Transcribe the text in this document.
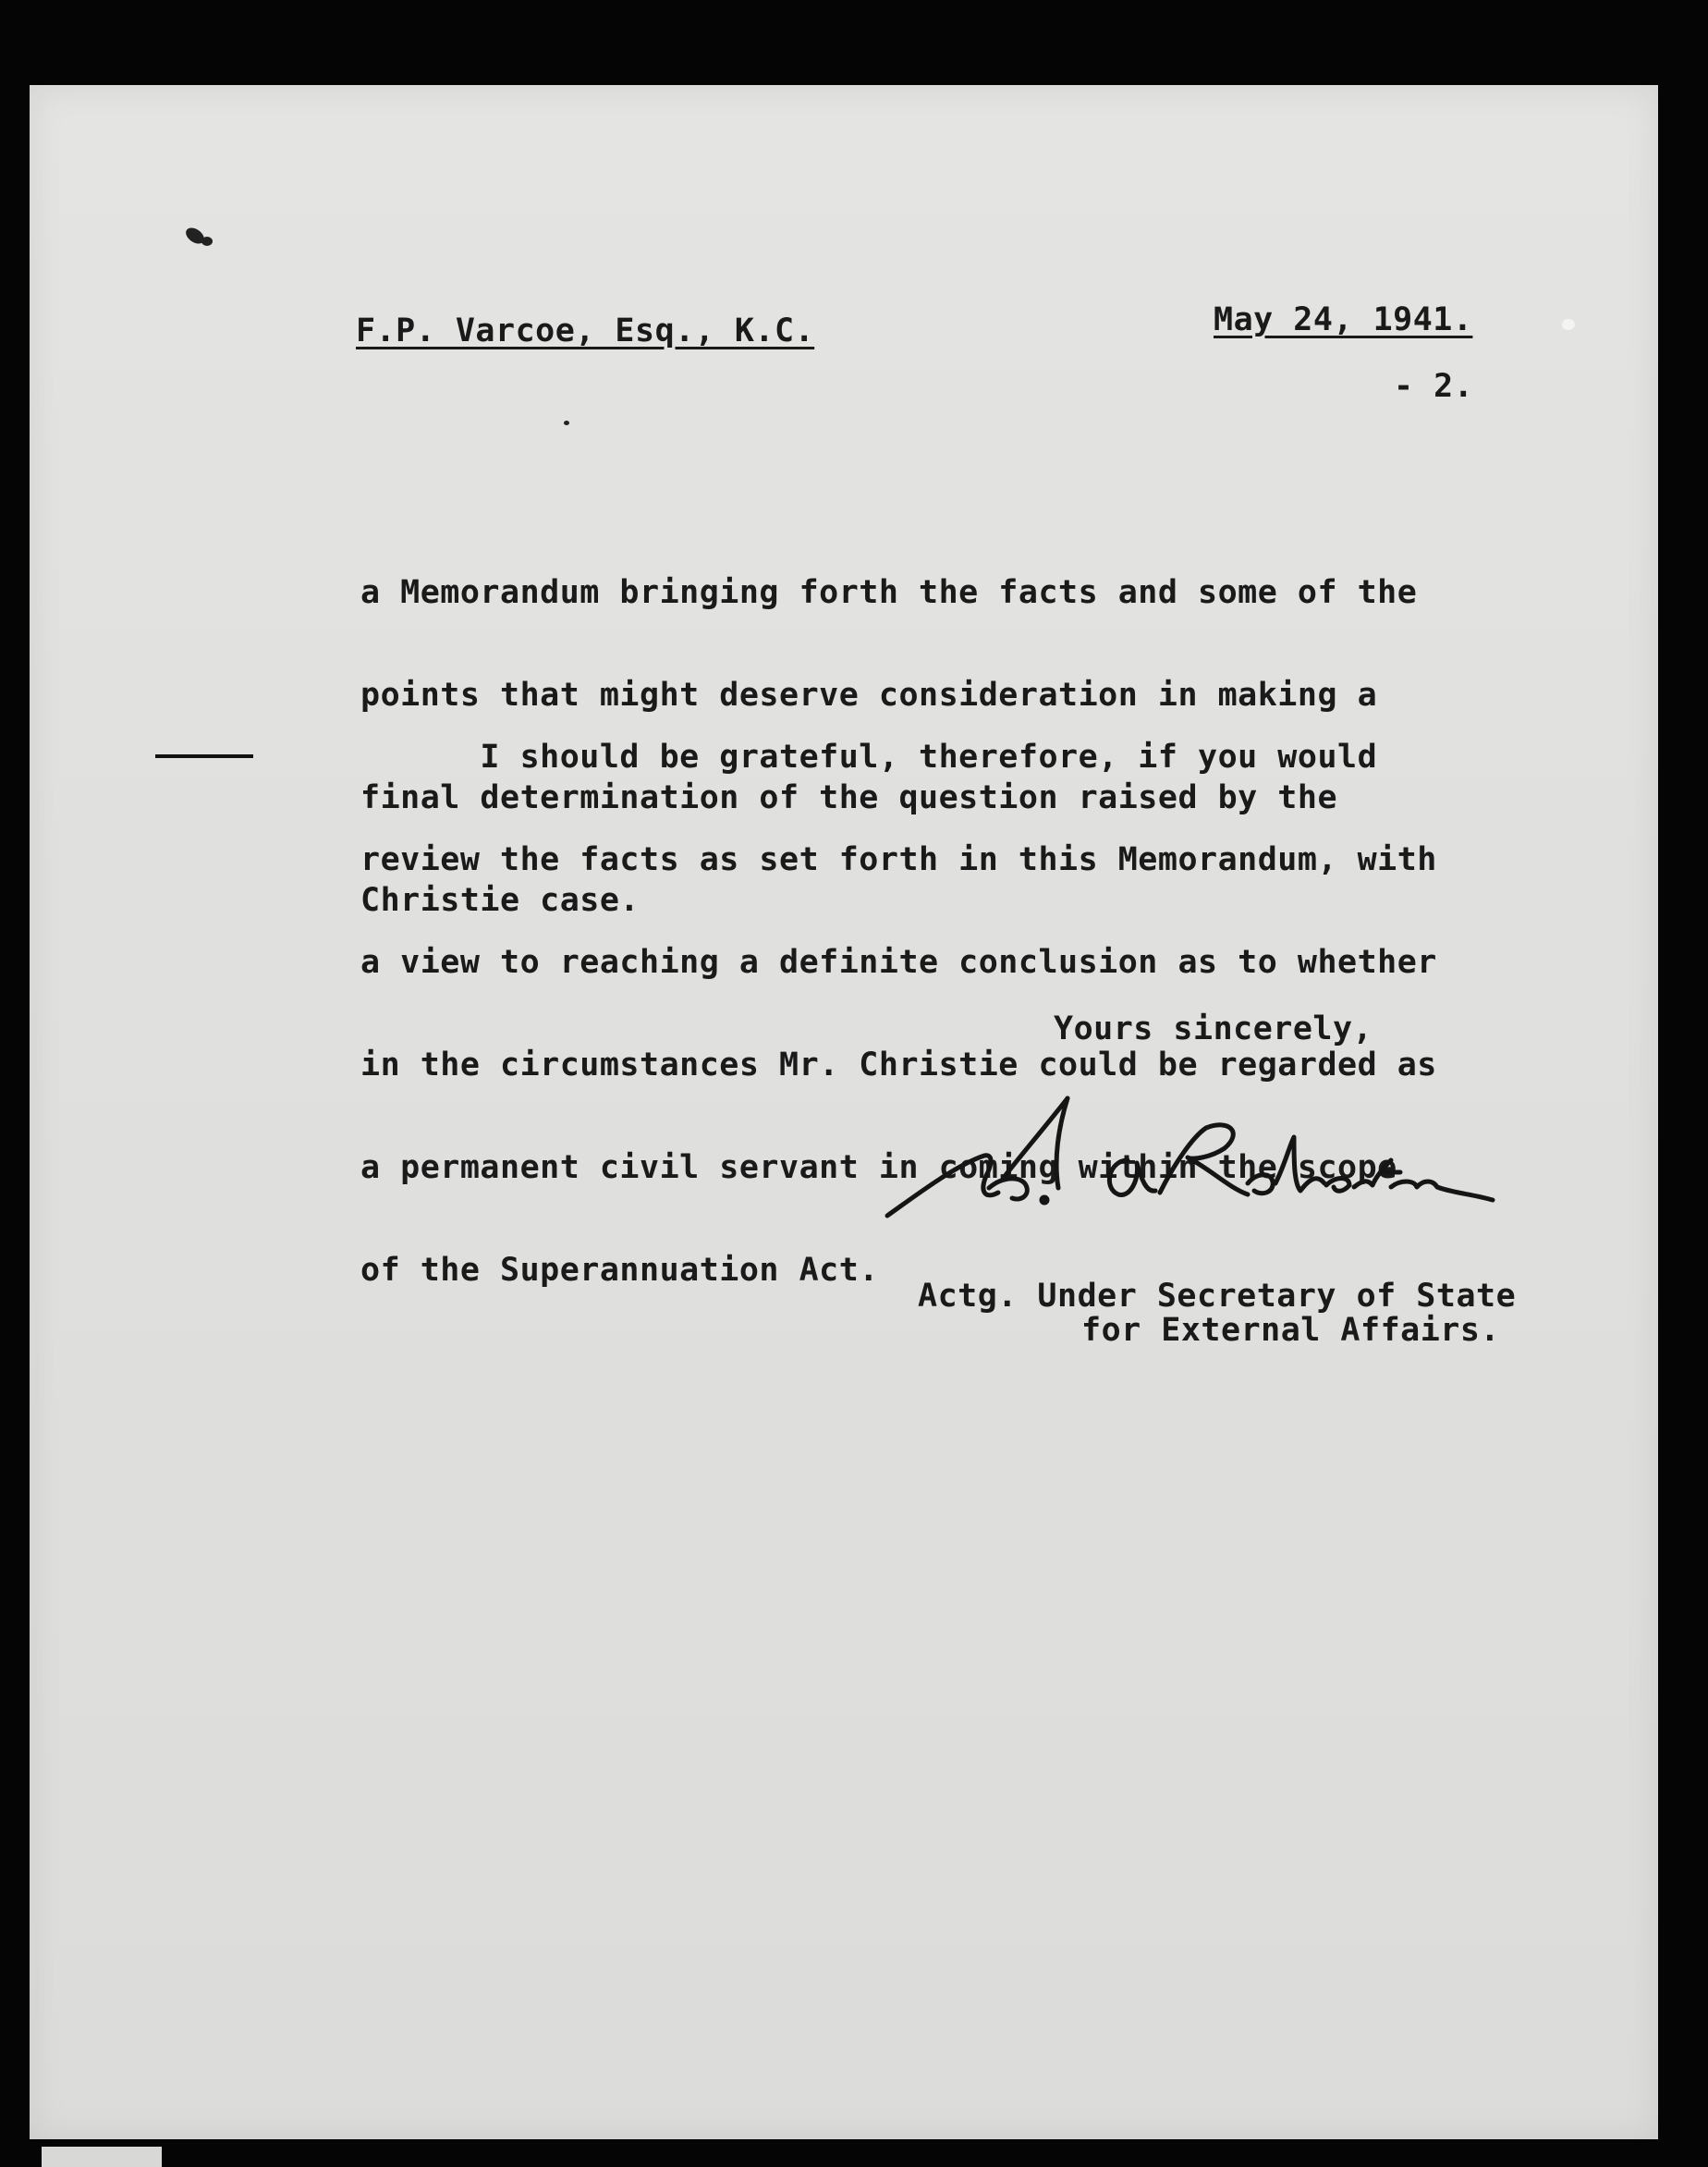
F.P. Varcoe, Esq., K.C.	May 24, 1941.
- 2.

a Memorandum bringing forth the facts and some of the

points that might deserve consideration in making a

final determination of the question raised by the

Christie case.

I should be grateful, therefore, if you would

review the facts as set forth in this Memorandum, with

a view to reaching a definite conclusion as to whether

in the circumstances Mr. Christie could be regarded as

a permanent civil servant in coming within the scope

of the Superannuation Act.

Yours sincerely,
Actg. Under Secretary of State
for External Affairs.
